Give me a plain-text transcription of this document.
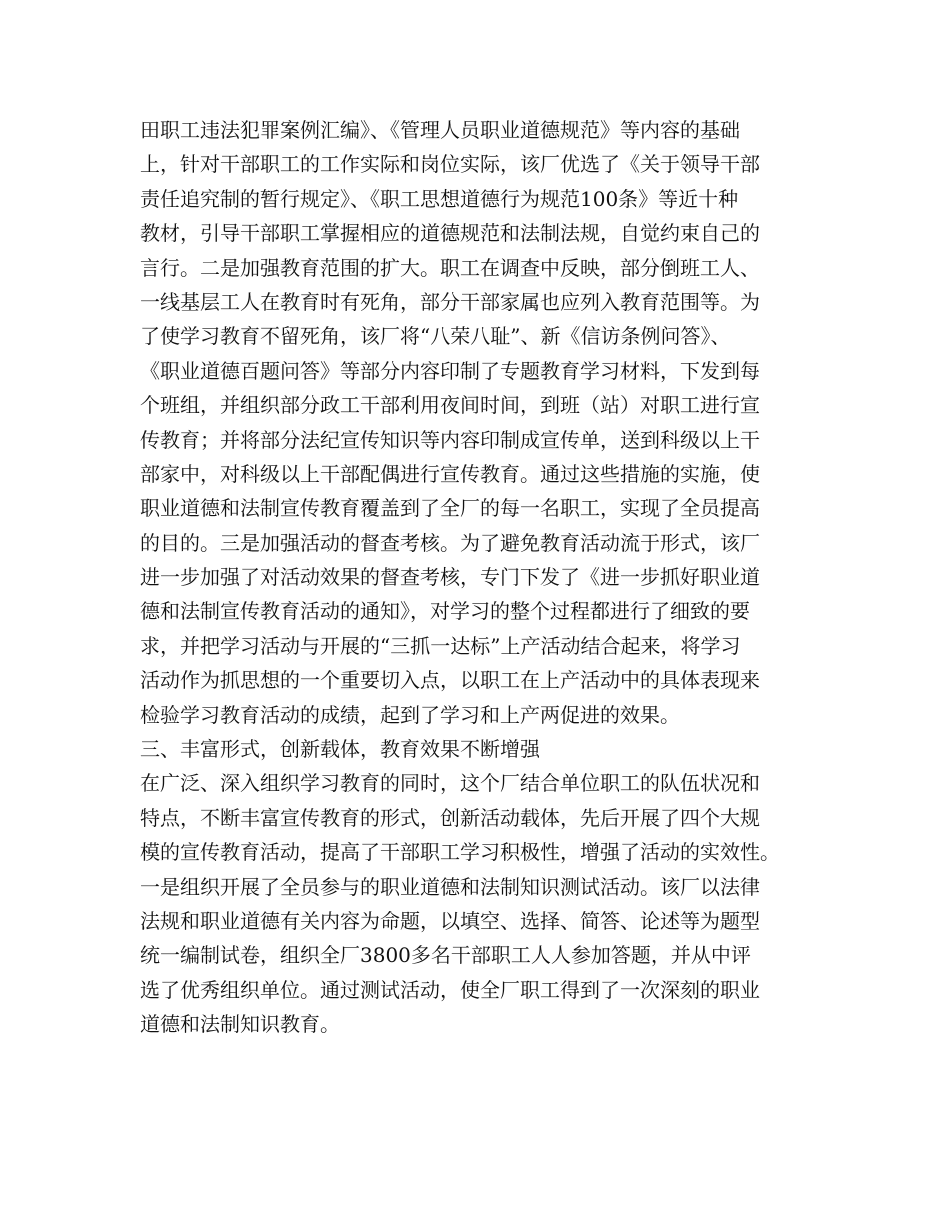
田职工违法犯罪案例汇编》、《管理人员职业道德规范》等内容的基础
上，针对干部职工的工作实际和岗位实际，该厂优选了《关于领导干部
责任追究制的暂行规定》、《职工思想道德行为规范100条》等近十种
教材，引导干部职工掌握相应的道德规范和法制法规，自觉约束自己的
言行。二是加强教育范围的扩大。职工在调查中反映，部分倒班工人、
一线基层工人在教育时有死角，部分干部家属也应列入教育范围等。为
了使学习教育不留死角，该厂将“八荣八耻”、新《信访条例问答》、
《职业道德百题问答》等部分内容印制了专题教育学习材料，下发到每
个班组，并组织部分政工干部利用夜间时间，到班（站）对职工进行宣
传教育；并将部分法纪宣传知识等内容印制成宣传单，送到科级以上干
部家中，对科级以上干部配偶进行宣传教育。通过这些措施的实施，使
职业道德和法制宣传教育覆盖到了全厂的每一名职工，实现了全员提高
的目的。三是加强活动的督查考核。为了避免教育活动流于形式，该厂
进一步加强了对活动效果的督查考核，专门下发了《进一步抓好职业道
德和法制宣传教育活动的通知》，对学习的整个过程都进行了细致的要
求，并把学习活动与开展的“三抓一达标”上产活动结合起来，将学习
活动作为抓思想的一个重要切入点，以职工在上产活动中的具体表现来
检验学习教育活动的成绩，起到了学习和上产两促进的效果。
三、丰富形式，创新载体，教育效果不断增强
在广泛、深入组织学习教育的同时，这个厂结合单位职工的队伍状况和
特点，不断丰富宣传教育的形式，创新活动载体，先后开展了四个大规
模的宣传教育活动，提高了干部职工学习积极性，增强了活动的实效性。
一是组织开展了全员参与的职业道德和法制知识测试活动。该厂以法律
法规和职业道德有关内容为命题，以填空、选择、简答、论述等为题型
统一编制试卷，组织全厂3800多名干部职工人人参加答题，并从中评
选了优秀组织单位。通过测试活动，使全厂职工得到了一次深刻的职业
道德和法制知识教育。
